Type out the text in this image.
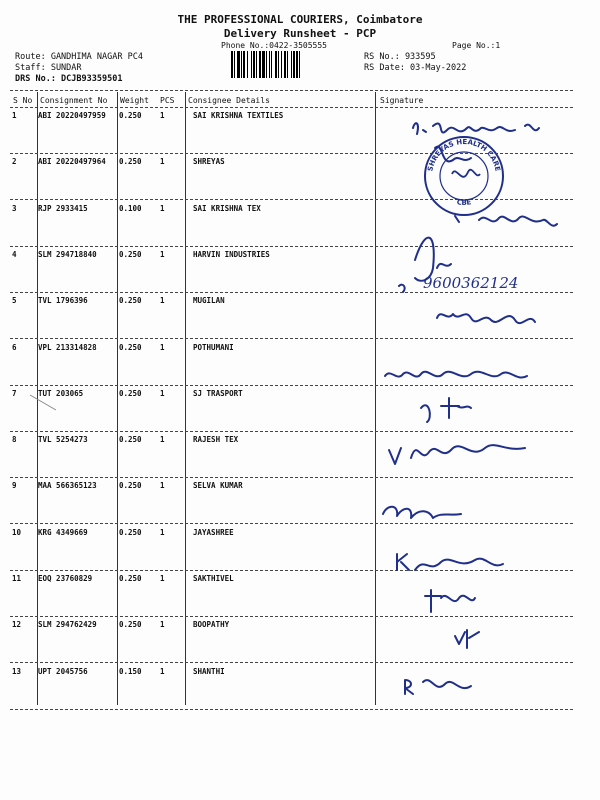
THE PROFESSIONAL COURIERS, Coimbatore
Delivery Runsheet - PCP
Phone No.:0422-3505555	Page No.:1
Route: GANDHIMA NAGAR PC4
Staff: SUNDAR
DRS No.: DCJB93359501
RS No.: 933595
RS Date: 03-May-2022
S No Consignment No Weight PCS Consignee Details	Signature
1	ABI 20220497959 0.250 1	SAI KRISHNA TEXTILES
2	ABI 20220497964 0.250 1	SHREYAS
3	RJP 2933415	0.100 1	SAI KRISHNA TEX
4	SLM 294718840	0.250 1	HARVIN INDUSTRIES
5	TVL 1796396	0.250 1	MUGILAN
6	VPL 213314828	0.250 1	POTHUMANI
7	TUT 203065	0.250 1	SJ TRASPORT
8	TVL 5254273	0.250 1	RAJESH TEX
9	MAA 566365123	0.250 1	SELVA KUMAR
10 KRG 4349669	0.250 1	JAYASHREE
11 EOQ 23760829	0.250 1	SAKTHIVEL
12 SLM 294762429	0.250 1	BOOPATHY
13 UPT 2045756	0.150 1	SHANTHI
9600362124
SHREYAS HEALTH CARE
CBE
